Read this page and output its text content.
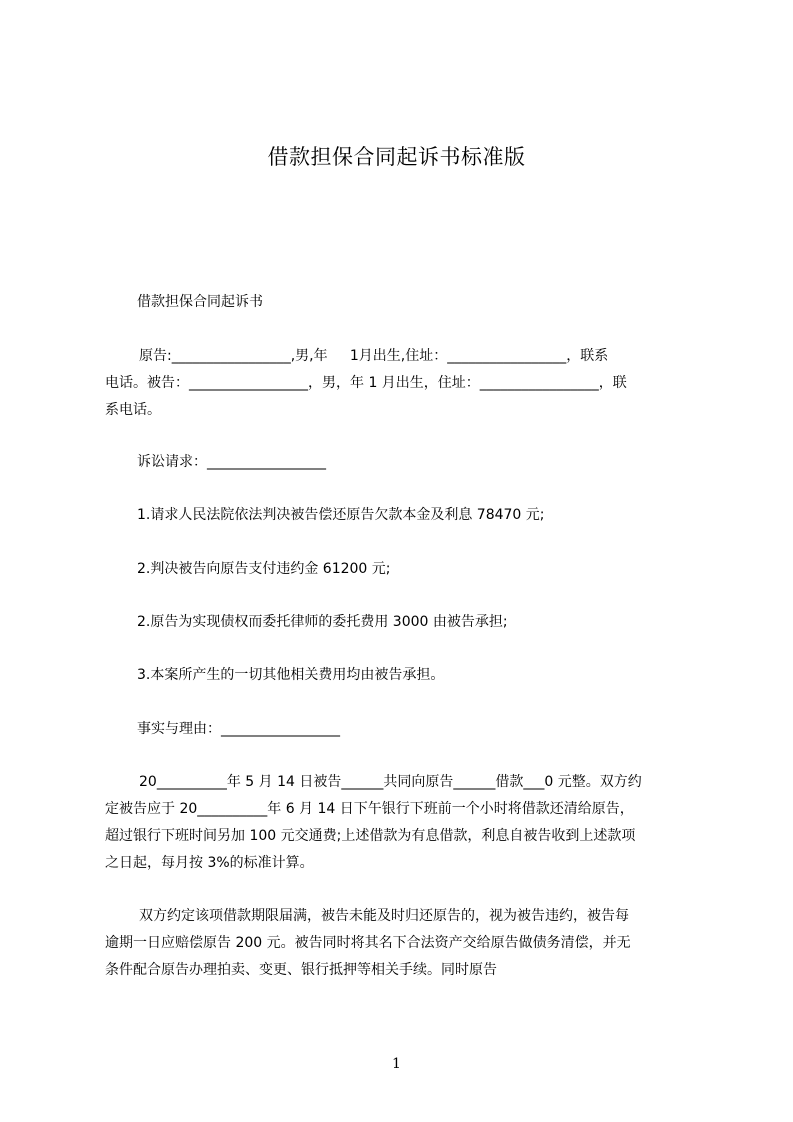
借款担保合同起诉书标准版
借款担保合同起诉书
原告:_________________,男,年     1月出生,住址：_________________，联系
电话。被告：_________________，男，年 1 月出生，住址：_________________，联
系电话。
诉讼请求：_________________
1.请求人民法院依法判决被告偿还原告欠款本金及利息 78470 元;
2.判决被告向原告支付违约金 61200 元;
2.原告为实现债权而委托律师的委托费用 3000 由被告承担;
3.本案所产生的一切其他相关费用均由被告承担。
事实与理由：_________________
20__________年 5 月 14 日被告______共同向原告______借款___0 元整。双方约
定被告应于 20__________年 6 月 14 日下午银行下班前一个小时将借款还清给原告，
超过银行下班时间另加 100 元交通费;上述借款为有息借款，利息自被告收到上述款项
之日起，每月按 3%的标准计算。
双方约定该项借款期限届满，被告未能及时归还原告的，视为被告违约，被告每
逾期一日应赔偿原告 200 元。被告同时将其名下合法资产交给原告做债务清偿，并无
条件配合原告办理拍卖、变更、银行抵押等相关手续。同时原告
1
